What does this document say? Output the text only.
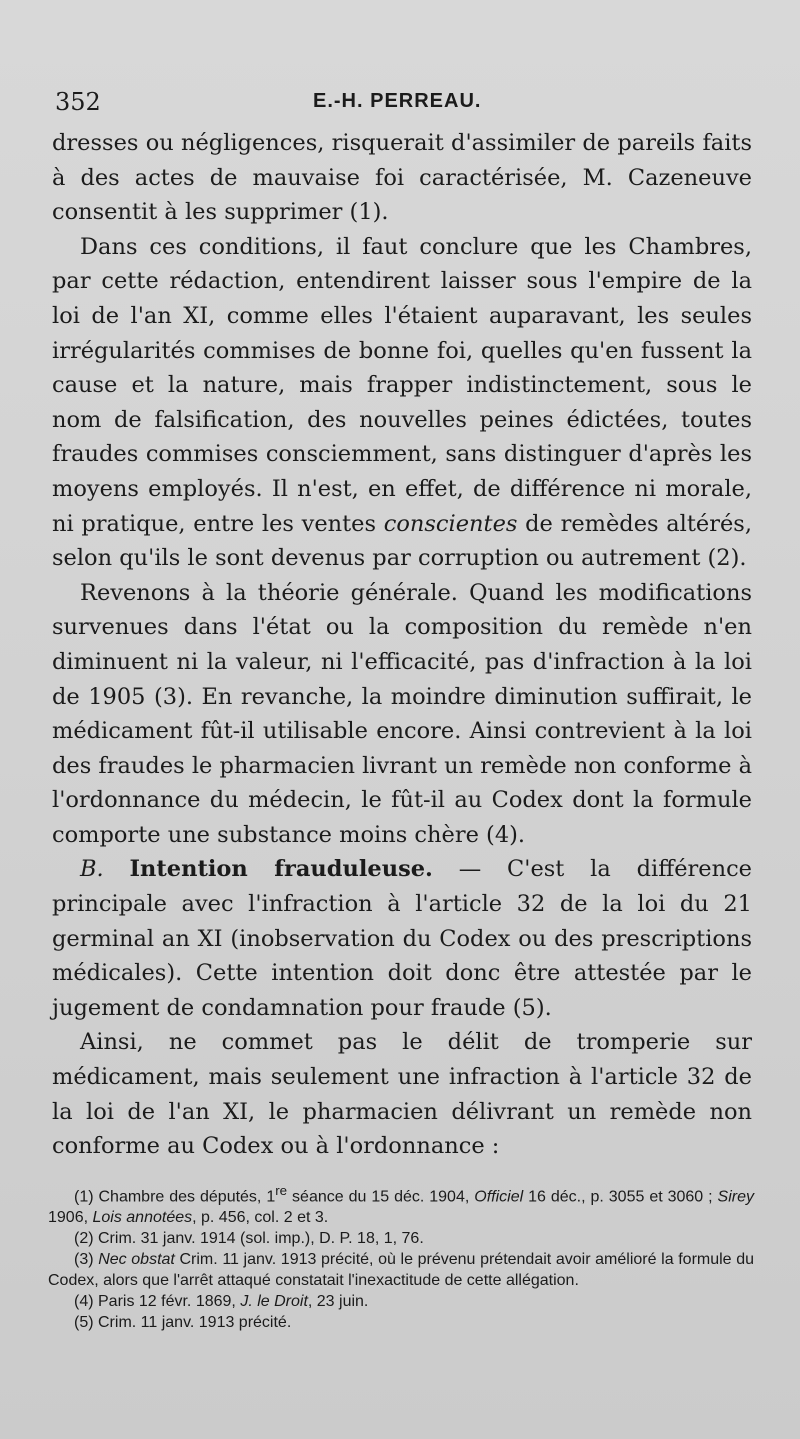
352	E.-H. PERREAU.

dresses ou négligences, risquerait d'assimiler de pareils faits à des actes de mauvaise foi caractérisée, M. Cazeneuve consentit à les supprimer (1).

Dans ces conditions, il faut conclure que les Chambres, par cette rédaction, entendirent laisser sous l'empire de la loi de l'an XI, comme elles l'étaient auparavant, les seules irrégularités commises de bonne foi, quelles qu'en fussent la cause et la nature, mais frapper indistinctement, sous le nom de falsification, des nouvelles peines édictées, toutes fraudes commises consciemment, sans distinguer d'après les moyens employés. Il n'est, en effet, de différence ni morale, ni pratique, entre les ventes conscientes de remèdes altérés, selon qu'ils le sont devenus par corruption ou autrement (2).

Revenons à la théorie générale. Quand les modifications survenues dans l'état ou la composition du remède n'en diminuent ni la valeur, ni l'efficacité, pas d'infraction à la loi de 1905 (3). En revanche, la moindre diminution suffirait, le médicament fût-il utilisable encore. Ainsi contrevient à la loi des fraudes le pharmacien livrant un remède non conforme à l'ordonnance du médecin, le fût-il au Codex dont la formule comporte une substance moins chère (4).

B. Intention frauduleuse. — C'est la différence principale avec l'infraction à l'article 32 de la loi du 21 germinal an XI (inobservation du Codex ou des prescriptions médicales). Cette intention doit donc être attestée par le jugement de condamnation pour fraude (5).

Ainsi, ne commet pas le délit de tromperie sur médicament, mais seulement une infraction à l'article 32 de la loi de l'an XI, le pharmacien délivrant un remède non conforme au Codex ou à l'ordonnance :

(1) Chambre des députés, 1re séance du 15 déc. 1904, Officiel 16 déc., p. 3055 et 3060 ; Sirey 1906, Lois annotées, p. 456, col. 2 et 3.

(2) Crim. 31 janv. 1914 (sol. imp.), D. P. 18, 1, 76.

(3) Nec obstat Crim. 11 janv. 1913 précité, où le prévenu prétendait avoir amélioré la formule du Codex, alors que l'arrêt attaqué constatait l'inexactitude de cette allégation.

(4) Paris 12 févr. 1869, J. le Droit, 23 juin.

(5) Crim. 11 janv. 1913 précité.
